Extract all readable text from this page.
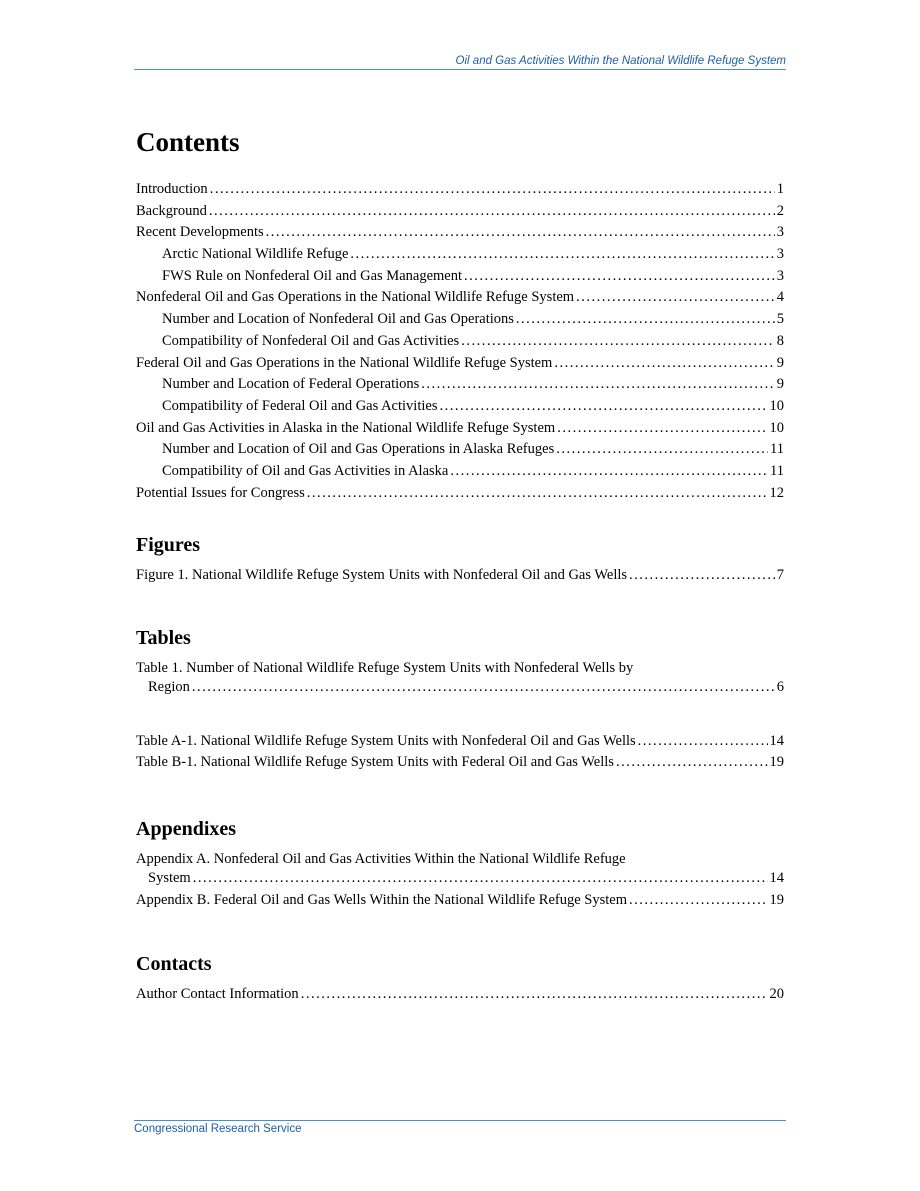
Oil and Gas Activities Within the National Wildlife Refuge System
Contents
Introduction .....	1
Background .....	2
Recent Developments .....	3
Arctic National Wildlife Refuge .....	3
FWS Rule on Nonfederal Oil and Gas Management .....	3
Nonfederal Oil and Gas Operations in the National Wildlife Refuge System .....	4
Number and Location of Nonfederal Oil and Gas Operations .....	5
Compatibility of Nonfederal Oil and Gas Activities .....	8
Federal Oil and Gas Operations in the National Wildlife Refuge System .....	9
Number and Location of Federal Operations .....	9
Compatibility of Federal Oil and Gas Activities .....	10
Oil and Gas Activities in Alaska in the National Wildlife Refuge System .....	10
Number and Location of Oil and Gas Operations in Alaska Refuges .....	11
Compatibility of Oil and Gas Activities in Alaska .....	11
Potential Issues for Congress .....	12
Figures
Figure 1. National Wildlife Refuge System Units with Nonfederal Oil and Gas Wells .....	7
Tables
Table 1. Number of National Wildlife Refuge System Units with Nonfederal Wells by
Region .....	6
Table A-1. National Wildlife Refuge System Units with Nonfederal Oil and Gas Wells .....	14
Table B-1. National Wildlife Refuge System Units with Federal Oil and Gas Wells .....	19
Appendixes
Appendix A. Nonfederal Oil and Gas Activities Within the National Wildlife Refuge
System .....	14
Appendix B. Federal Oil and Gas Wells Within the National Wildlife Refuge System .....	19
Contacts
Author Contact Information .....	20
Congressional Research Service
